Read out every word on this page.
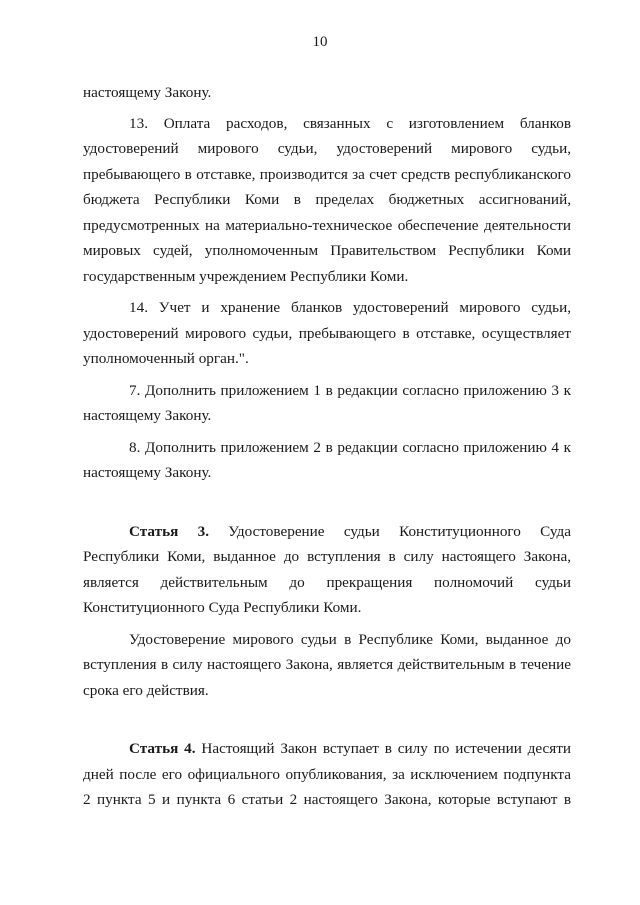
10
настоящему Закону.
13. Оплата расходов, связанных с изготовлением бланков
удостоверений мирового судьи, удостоверений мирового судьи,
пребывающего в отставке, производится за счет средств республиканского
бюджета Республики Коми в пределах бюджетных ассигнований,
предусмотренных на материально-техническое обеспечение деятельности
мировых судей, уполномоченным Правительством Республики Коми
государственным учреждением Республики Коми.
14. Учет и хранение бланков удостоверений мирового судьи,
удостоверений мирового судьи, пребывающего в отставке, осуществляет
уполномоченный орган.".
7. Дополнить приложением 1 в редакции согласно приложению 3 к
настоящему Закону.
8. Дополнить приложением 2 в редакции согласно приложению 4 к
настоящему Закону.
Статья 3. Удостоверение судьи Конституционного Суда
Республики Коми, выданное до вступления в силу настоящего Закона,
является действительным до прекращения полномочий судьи
Конституционного Суда Республики Коми.
Удостоверение мирового судьи в Республике Коми, выданное до
вступления в силу настоящего Закона, является действительным в течение
срока его действия.
Статья 4. Настоящий Закон вступает в силу по истечении десяти
дней после его официального опубликования, за исключением подпункта
2 пункта 5 и пункта 6 статьи 2 настоящего Закона, которые вступают в
